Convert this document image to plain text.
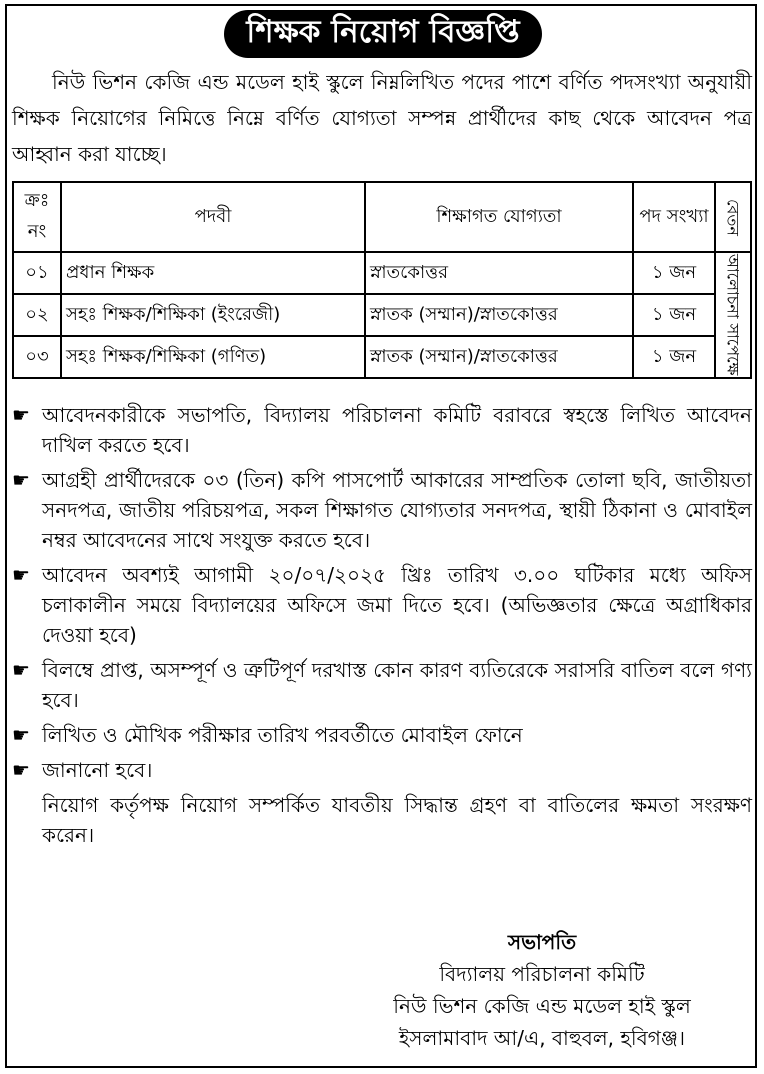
শিক্ষক নিয়োগ বিজ্ঞপ্তি
নিউ ভিশন কেজি এন্ড মডেল হাই স্কুলে নিম্নলিখিত পদের পাশে বর্ণিত পদসংখ্যা অনুযায়ী শিক্ষক নিয়োগের নিমিত্তে নিম্নে বর্ণিত যোগ্যতা সম্পন্ন প্রার্থীদের কাছ থেকে আবেদন পত্র আহ্বান করা যাচ্ছে।
ক্রঃ নং	পদবী	শিক্ষাগত যোগ্যতা	পদ সংখ্যা	বেতন

০১	প্রধান শিক্ষক	স্নাতকোত্তর	১ জন	আলোচনা সাপেক্ষে

০২	সহঃ শিক্ষক/শিক্ষিকা (ইংরেজী)	স্নাতক (সম্মান)/স্নাতকোত্তর	১ জন	
০৩	সহঃ শিক্ষক/শিক্ষিকা (গণিত)	স্নাতক (সম্মান)/স্নাতকোত্তর	১ জন	
☛ আবেদনকারীকে সভাপতি, বিদ্যালয় পরিচালনা কমিটি বরাবরে স্বহস্তে লিখিত আবেদন দাখিল করতে হবে।
☛ আগ্রহী প্রার্থীদেরকে ০৩ (তিন) কপি পাসপোর্ট আকারের সাম্প্রতিক তোলা ছবি, জাতীয়তা সনদপত্র, জাতীয় পরিচয়পত্র, সকল শিক্ষাগত যোগ্যতার সনদপত্র, স্থায়ী ঠিকানা ও মোবাইল নম্বর আবেদনের সাথে সংযুক্ত করতে হবে।
☛ আবেদন অবশ্যই আগামী ২০/০৭/২০২৫ খ্রিঃ তারিখ ৩.০০ ঘটিকার মধ্যে অফিস চলাকালীন সময়ে বিদ্যালয়ের অফিসে জমা দিতে হবে। (অভিজ্ঞতার ক্ষেত্রে অগ্রাধিকার দেওয়া হবে)
☛ বিলম্বে প্রাপ্ত, অসম্পূর্ণ ও ত্রুটিপূর্ণ দরখাস্ত কোন কারণ ব্যতিরেকে সরাসরি বাতিল বলে গণ্য হবে।
☛ লিখিত ও মৌখিক পরীক্ষার তারিখ পরবর্তীতে মোবাইল ফোনে
☛ জানানো হবে।
নিয়োগ কর্তৃপক্ষ নিয়োগ সম্পর্কিত যাবতীয় সিদ্ধান্ত গ্রহণ বা বাতিলের ক্ষমতা সংরক্ষণ করেন।
সভাপতি
বিদ্যালয় পরিচালনা কমিটি
নিউ ভিশন কেজি এন্ড মডেল হাই স্কুল
ইসলামাবাদ আ/এ, বাহুবল, হবিগঞ্জ।
